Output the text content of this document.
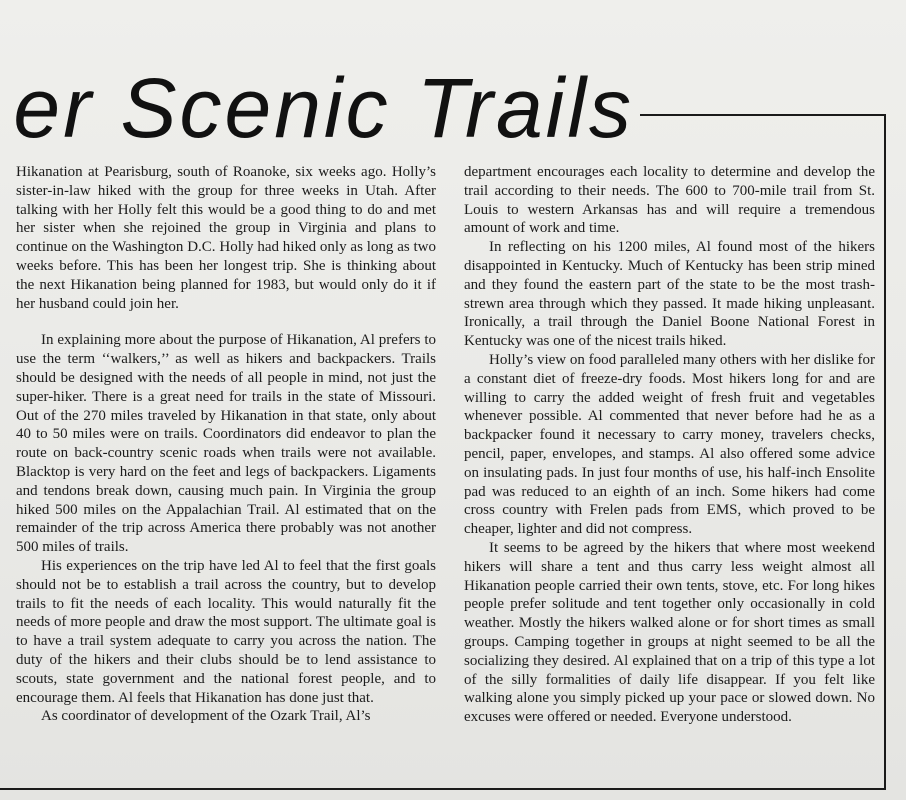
er Scenic Trails

Hikanation at Pearisburg, south of Roanoke, six weeks ago. Holly’s sister-in-law hiked with the group for three weeks in Utah. After talking with her Holly felt this would be a good thing to do and met her sister when she rejoined the group in Virginia and plans to continue on the Washington D.C. Holly had hiked only as long as two weeks before. This has been her longest trip. She is thinking about the next Hikanation being planned for 1983, but would only do it if her husband could join her.

In explaining more about the purpose of Hikanation, Al prefers to use the term ‘‘walkers,’’ as well as hikers and backpackers. Trails should be designed with the needs of all people in mind, not just the super-hiker. There is a great need for trails in the state of Missouri. Out of the 270 miles traveled by Hikanation in that state, only about 40 to 50 miles were on trails. Coordinators did endeavor to plan the route on back-country scenic roads when trails were not available. Blacktop is very hard on the feet and legs of backpackers. Ligaments and tendons break down, causing much pain. In Virginia the group hiked 500 miles on the Appalachian Trail. Al estimated that on the remainder of the trip across America there probably was not another 500 miles of trails.

His experiences on the trip have led Al to feel that the first goals should not be to establish a trail across the country, but to develop trails to fit the needs of each locality. This would naturally fit the needs of more people and draw the most support. The ultimate goal is to have a trail system adequate to carry you across the nation. The duty of the hikers and their clubs should be to lend assistance to scouts, state government and the national forest people, and to encourage them. Al feels that Hikanation has done just that.

As coordinator of development of the Ozark Trail, Al’s

department encourages each locality to determine and develop the trail according to their needs. The 600 to 700-mile trail from St. Louis to western Arkansas has and will require a tremendous amount of work and time.

In reflecting on his 1200 miles, Al found most of the hikers disappointed in Kentucky. Much of Kentucky has been strip mined and they found the eastern part of the state to be the most trash-strewn area through which they passed. It made hiking unpleasant. Ironically, a trail through the Daniel Boone National Forest in Kentucky was one of the nicest trails hiked.

Holly’s view on food paralleled many others with her dislike for a constant diet of freeze-dry foods. Most hikers long for and are willing to carry the added weight of fresh fruit and vegetables whenever possible. Al commented that never before had he as a backpacker found it necessary to carry money, travelers checks, pencil, paper, envelopes, and stamps. Al also offered some advice on insulating pads. In just four months of use, his half-inch Ensolite pad was reduced to an eighth of an inch. Some hikers had come cross country with Frelen pads from EMS, which proved to be cheaper, lighter and did not compress.

It seems to be agreed by the hikers that where most weekend hikers will share a tent and thus carry less weight almost all Hikanation people carried their own tents, stove, etc. For long hikes people prefer solitude and tent together only occasionally in cold weather. Mostly the hikers walked alone or for short times as small groups. Camping together in groups at night seemed to be all the socializing they desired. Al explained that on a trip of this type a lot of the silly formalities of daily life disappear. If you felt like walking alone you simply picked up your pace or slowed down. No excuses were offered or needed. Everyone understood.
